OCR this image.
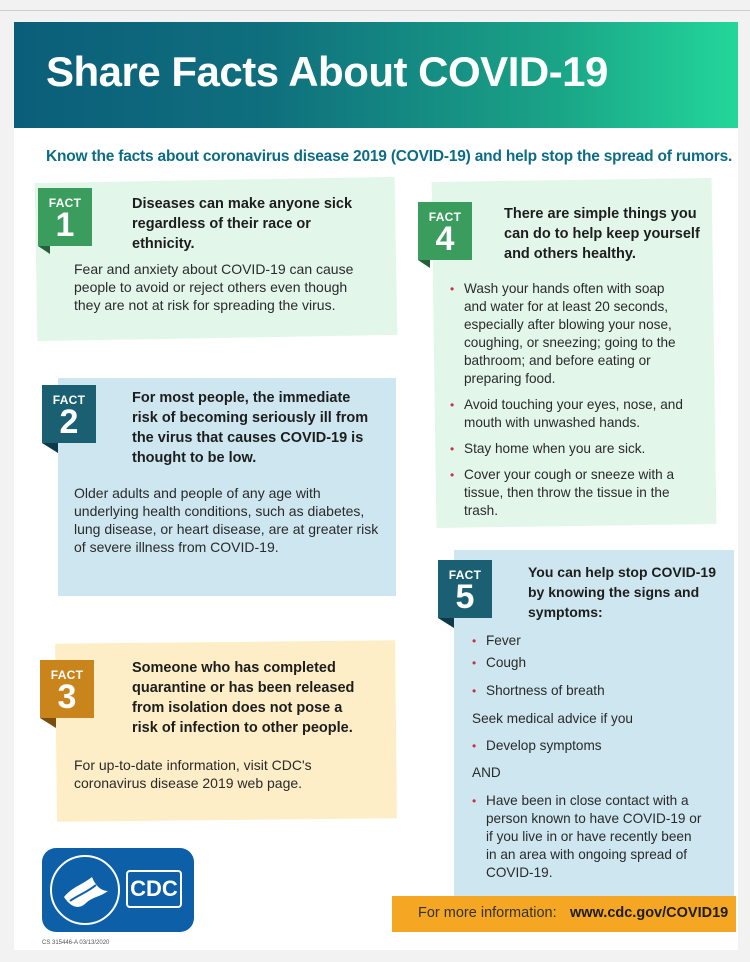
Share Facts About COVID-19
Know the facts about coronavirus disease 2019 (COVID-19) and help stop the spread of rumors.
FACT
1
Diseases can make anyone sick regardless of their race or ethnicity.
Fear and anxiety about COVID-19 can cause people to avoid or reject others even though they are not at risk for spreading the virus.
FACT
2
For most people, the immediate risk of becoming seriously ill from the virus that causes COVID-19 is thought to be low.
Older adults and people of any age with underlying health conditions, such as diabetes, lung disease, or heart disease, are at greater risk of severe illness from COVID-19.
FACT
3
Someone who has completed quarantine or has been released from isolation does not pose a risk of infection to other people.
For up-to-date information, visit CDC's coronavirus disease 2019 web page.
FACT
4
There are simple things you can do to help keep yourself and others healthy.
• Wash your hands often with soap and water for at least 20 seconds, especially after blowing your nose, coughing, or sneezing; going to the bathroom; and before eating or preparing food.
• Avoid touching your eyes, nose, and mouth with unwashed hands.
• Stay home when you are sick.
• Cover your cough or sneeze with a tissue, then throw the tissue in the trash.
FACT
5
You can help stop COVID-19 by knowing the signs and symptoms:
• Fever
• Cough
• Shortness of breath
Seek medical advice if you
• Develop symptoms
AND
• Have been in close contact with a person known to have COVID-19 or if you live in or have recently been in an area with ongoing spread of COVID-19.
CDC
CS 315446-A 03/13/2020
For more information: www.cdc.gov/COVID19
